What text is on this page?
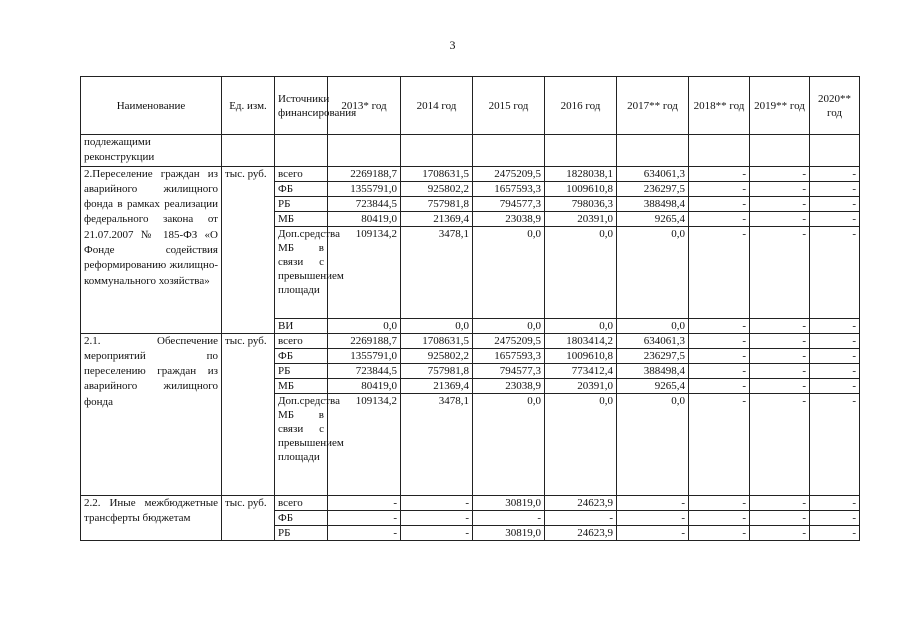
3
Наименование	Ед. изм.	Источники финансирования	2013* год	2014 год	2015 год	2016 год	2017** год	2018** год	2019** год	2020** год
подлежащими реконструкции										
2.Переселение граждан из аварийного жилищного фонда в рамках реализации федерального закона от 21.07.2007 № 185-ФЗ «О Фонде содействия реформированию жилищно-коммунального хозяйства»	тыс. руб.	всего	2269188,7	1708631,5	2475209,5	1828038,1	634061,3	-	-	-
		ФБ	1355791,0	925802,2	1657593,3	1009610,8	236297,5	-	-	-
		РБ	723844,5	757981,8	794577,3	798036,3	388498,4	-	-	-
		МБ	80419,0	21369,4	23038,9	20391,0	9265,4	-	-	-
		Доп.средства МБ в связи с превышением площади	109134,2	3478,1	0,0	0,0	0,0	-	-	-
		ВИ	0,0	0,0	0,0	0,0	0,0	-	-	-
2.1. Обеспечение мероприятий по переселению граждан из аварийного жилищного фонда	тыс. руб.	всего	2269188,7	1708631,5	2475209,5	1803414,2	634061,3	-	-	-
		ФБ	1355791,0	925802,2	1657593,3	1009610,8	236297,5	-	-	-
		РБ	723844,5	757981,8	794577,3	773412,4	388498,4	-	-	-
		МБ	80419,0	21369,4	23038,9	20391,0	9265,4	-	-	-
		Доп.средства МБ в связи с превышением площади	109134,2	3478,1	0,0	0,0	0,0	-	-	-
2.2. Иные межбюджетные трансферты бюджетам	тыс. руб.	всего	-	-	30819,0	24623,9	-	-	-	-
		ФБ	-	-	-	-	-	-	-	-
		РБ	-	-	30819,0	24623,9	-	-	-	-
